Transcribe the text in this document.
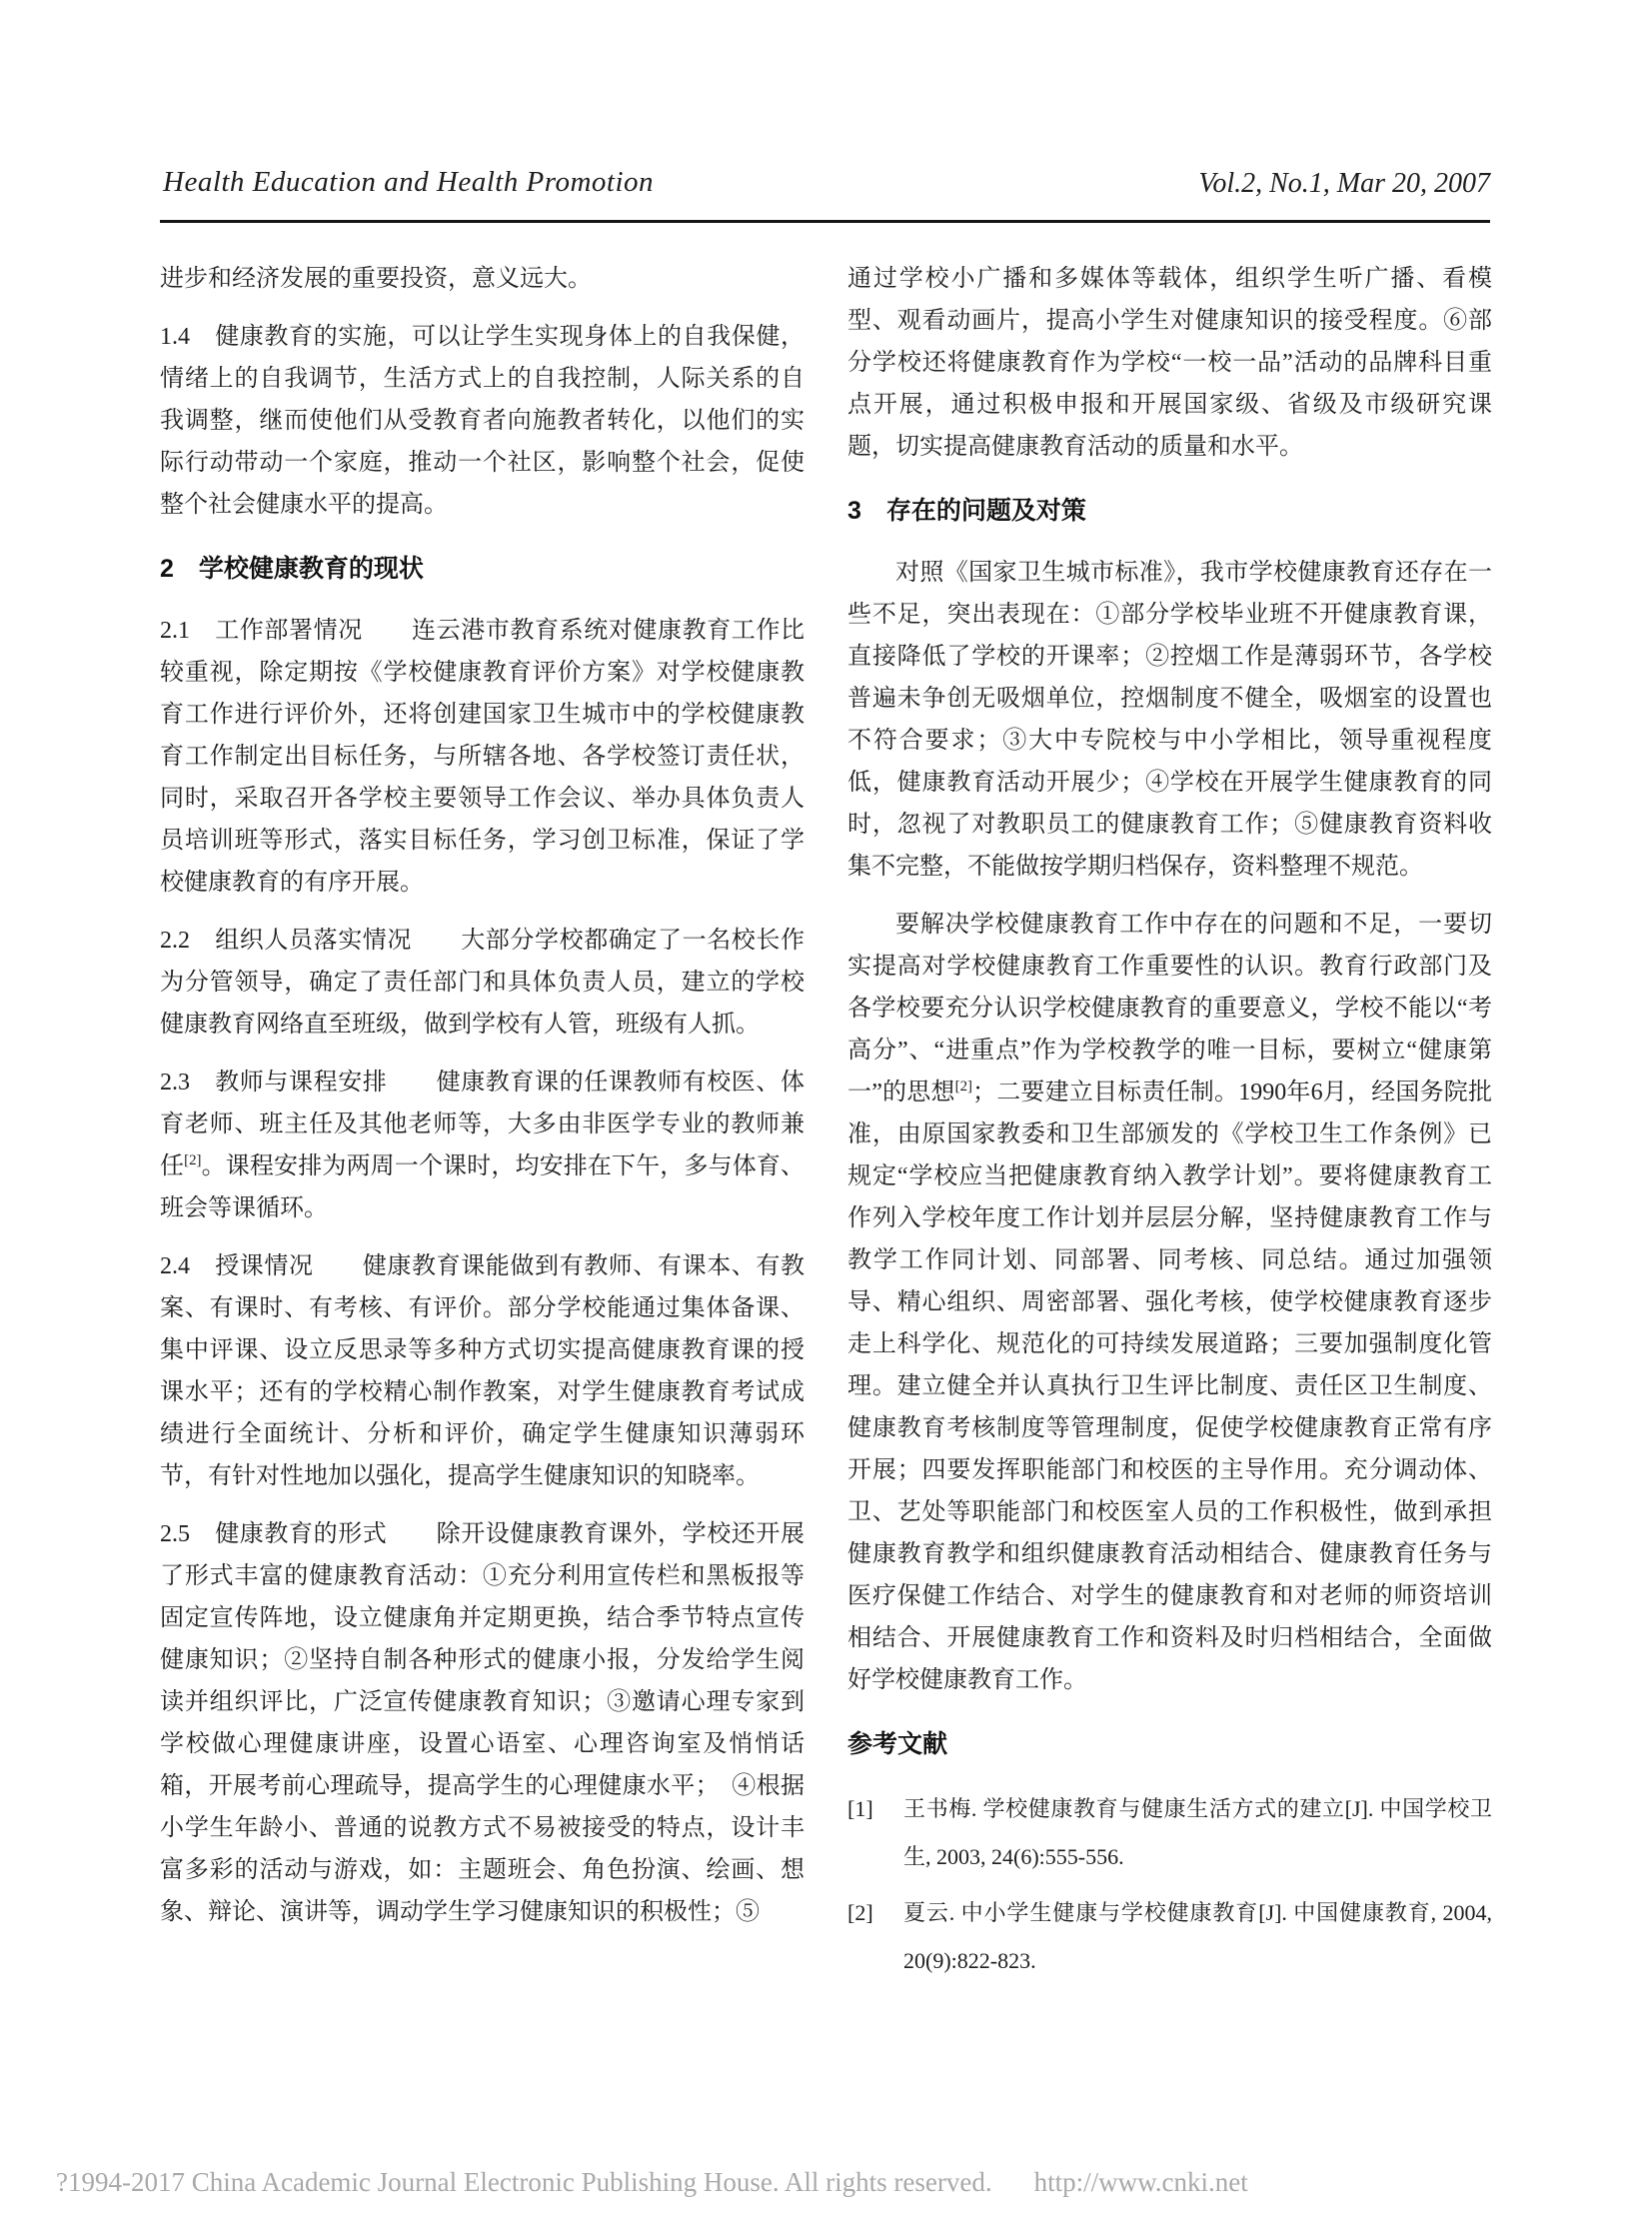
Health Education and Health Promotion	Vol.2, No.1, Mar 20, 2007

进步和经济发展的重要投资，意义远大。

1.4　健康教育的实施，可以让学生实现身体上的自我保健，情绪上的自我调节，生活方式上的自我控制，人际关系的自我调整，继而使他们从受教育者向施教者转化，以他们的实际行动带动一个家庭，推动一个社区，影响整个社会，促使整个社会健康水平的提高。

2　学校健康教育的现状

2.1　工作部署情况　　连云港市教育系统对健康教育工作比较重视，除定期按《学校健康教育评价方案》对学校健康教育工作进行评价外，还将创建国家卫生城市中的学校健康教育工作制定出目标任务，与所辖各地、各学校签订责任状，同时，采取召开各学校主要领导工作会议、举办具体负责人员培训班等形式，落实目标任务，学习创卫标准，保证了学校健康教育的有序开展。

2.2　组织人员落实情况　　大部分学校都确定了一名校长作为分管领导，确定了责任部门和具体负责人员，建立的学校健康教育网络直至班级，做到学校有人管，班级有人抓。

2.3　教师与课程安排　　健康教育课的任课教师有校医、体育老师、班主任及其他老师等，大多由非医学专业的教师兼任[2]。课程安排为两周一个课时，均安排在下午，多与体育、班会等课循环。

2.4　授课情况　　健康教育课能做到有教师、有课本、有教案、有课时、有考核、有评价。部分学校能通过集体备课、集中评课、设立反思录等多种方式切实提高健康教育课的授课水平；还有的学校精心制作教案，对学生健康教育考试成绩进行全面统计、分析和评价，确定学生健康知识薄弱环节，有针对性地加以强化，提高学生健康知识的知晓率。

2.5　健康教育的形式　　除开设健康教育课外，学校还开展了形式丰富的健康教育活动：①充分利用宣传栏和黑板报等固定宣传阵地，设立健康角并定期更换，结合季节特点宣传健康知识；②坚持自制各种形式的健康小报，分发给学生阅读并组织评比，广泛宣传健康教育知识；③邀请心理专家到学校做心理健康讲座，设置心语室、心理咨询室及悄悄话箱，开展考前心理疏导，提高学生的心理健康水平；　④根据小学生年龄小、普通的说教方式不易被接受的特点，设计丰富多彩的活动与游戏，如：主题班会、角色扮演、绘画、想象、辩论、演讲等，调动学生学习健康知识的积极性；⑤

通过学校小广播和多媒体等载体，组织学生听广播、看模型、观看动画片，提高小学生对健康知识的接受程度。⑥部分学校还将健康教育作为学校“一校一品”活动的品牌科目重点开展，通过积极申报和开展国家级、省级及市级研究课题，切实提高健康教育活动的质量和水平。

3　存在的问题及对策

对照《国家卫生城市标准》，我市学校健康教育还存在一些不足，突出表现在：①部分学校毕业班不开健康教育课，直接降低了学校的开课率；②控烟工作是薄弱环节，各学校普遍未争创无吸烟单位，控烟制度不健全，吸烟室的设置也不符合要求；③大中专院校与中小学相比，领导重视程度低，健康教育活动开展少；④学校在开展学生健康教育的同时，忽视了对教职员工的健康教育工作；⑤健康教育资料收集不完整，不能做按学期归档保存，资料整理不规范。

要解决学校健康教育工作中存在的问题和不足，一要切实提高对学校健康教育工作重要性的认识。教育行政部门及各学校要充分认识学校健康教育的重要意义，学校不能以“考高分”、“进重点”作为学校教学的唯一目标，要树立“健康第一”的思想[2]；二要建立目标责任制。1990年6月，经国务院批准，由原国家教委和卫生部颁发的《学校卫生工作条例》已规定“学校应当把健康教育纳入教学计划”。要将健康教育工作列入学校年度工作计划并层层分解，坚持健康教育工作与教学工作同计划、同部署、同考核、同总结。通过加强领导、精心组织、周密部署、强化考核，使学校健康教育逐步走上科学化、规范化的可持续发展道路；三要加强制度化管理。建立健全并认真执行卫生评比制度、责任区卫生制度、健康教育考核制度等管理制度，促使学校健康教育正常有序开展；四要发挥职能部门和校医的主导作用。充分调动体、卫、艺处等职能部门和校医室人员的工作积极性，做到承担健康教育教学和组织健康教育活动相结合、健康教育任务与医疗保健工作结合、对学生的健康教育和对老师的师资培训相结合、开展健康教育工作和资料及时归档相结合，全面做好学校健康教育工作。

参考文献
[1] 王书梅. 学校健康教育与健康生活方式的建立[J]. 中国学校卫生, 2003, 24(6):555-556.
[2] 夏云. 中小学生健康与学校健康教育[J]. 中国健康教育, 2004, 20(9):822-823.
?1994-2017 China Academic Journal Electronic Publishing House. All rights reserved. http://www.cnki.net
